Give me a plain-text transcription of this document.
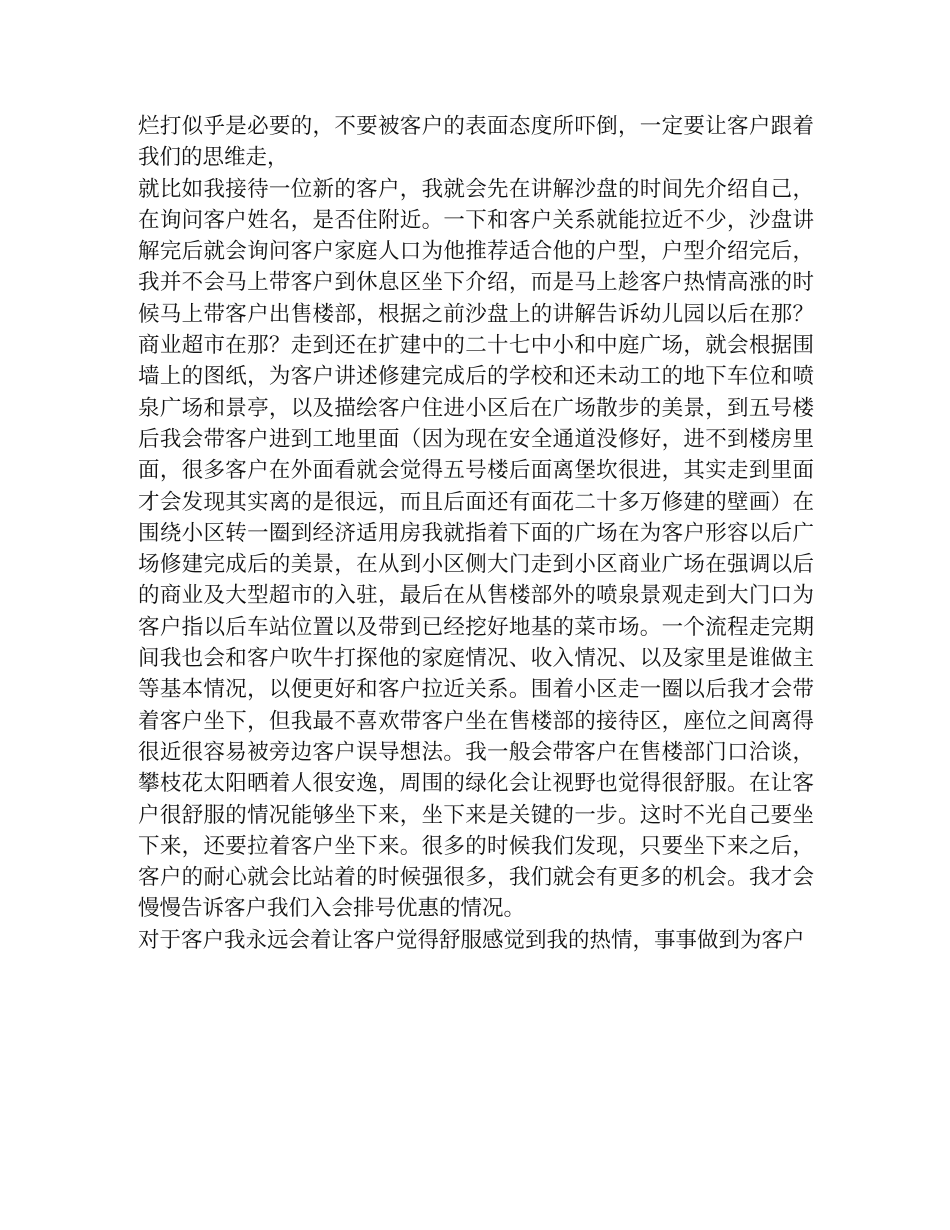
烂打似乎是必要的，不要被客户的表面态度所吓倒，一定要让客户跟着我们的思维走，

就比如我接待一位新的客户，我就会先在讲解沙盘的时间先介绍自己，在询问客户姓名，是否住附近。一下和客户关系就能拉近不少，沙盘讲解完后就会询问客户家庭人口为他推荐适合他的户型，户型介绍完后，我并不会马上带客户到休息区坐下介绍，而是马上趁客户热情高涨的时候马上带客户出售楼部，根据之前沙盘上的讲解告诉幼儿园以后在那？商业超市在那？走到还在扩建中的二十七中小和中庭广场，就会根据围墙上的图纸，为客户讲述修建完成后的学校和还未动工的地下车位和喷泉广场和景亭，以及描绘客户住进小区后在广场散步的美景，到五号楼后我会带客户进到工地里面（因为现在安全通道没修好，进不到楼房里面，很多客户在外面看就会觉得五号楼后面离堡坎很进，其实走到里面才会发现其实离的是很远，而且后面还有面花二十多万修建的壁画）在围绕小区转一圈到经济适用房我就指着下面的广场在为客户形容以后广场修建完成后的美景，在从到小区侧大门走到小区商业广场在强调以后的商业及大型超市的入驻，最后在从售楼部外的喷泉景观走到大门口为客户指以后车站位置以及带到已经挖好地基的菜市场。一个流程走完期间我也会和客户吹牛打探他的家庭情况、收入情况、以及家里是谁做主等基本情况，以便更好和客户拉近关系。围着小区走一圈以后我才会带着客户坐下，但我最不喜欢带客户坐在售楼部的接待区，座位之间离得很近很容易被旁边客户误导想法。我一般会带客户在售楼部门口洽谈，攀枝花太阳晒着人很安逸，周围的绿化会让视野也觉得很舒服。在让客户很舒服的情况能够坐下来，坐下来是关键的一步。这时不光自己要坐下来，还要拉着客户坐下来。很多的时候我们发现，只要坐下来之后，客户的耐心就会比站着的时候强很多，我们就会有更多的机会。我才会慢慢告诉客户我们入会排号优惠的情况。

对于客户我永远会着让客户觉得舒服感觉到我的热情，事事做到为客户
